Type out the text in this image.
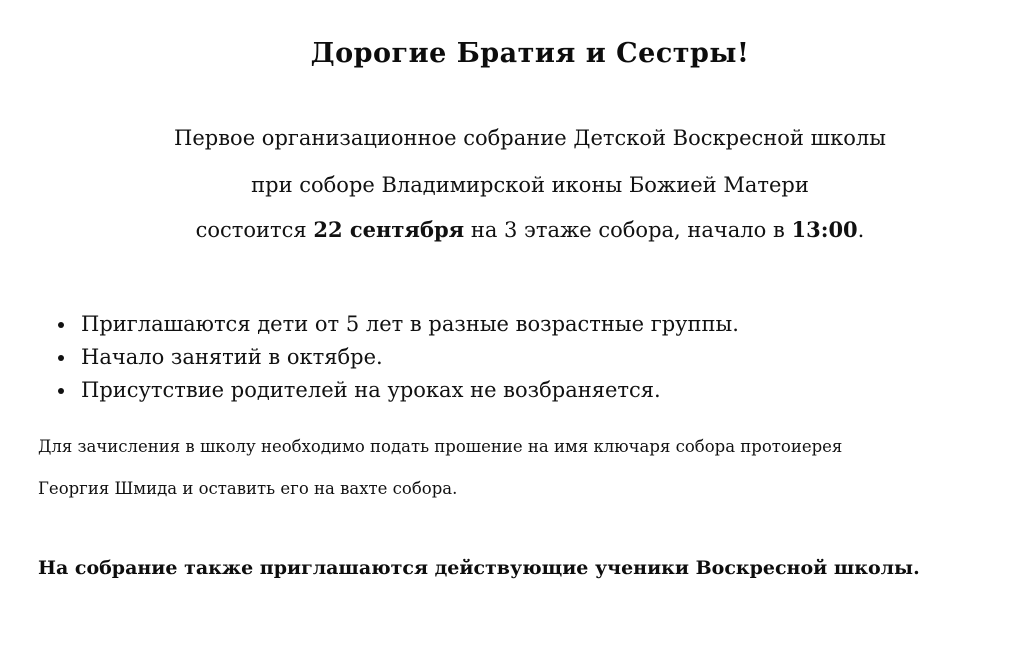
Дорогие Братия и Сестры!
Первое организационное собрание Детской Воскресной школы
при соборе Владимирской иконы Божией Матери
состоится 22 сентября на 3 этаже собора, начало в 13:00.
Приглашаются дети от 5 лет в разные возрастные группы.
Начало занятий в октябре.
Присутствие родителей на уроках не возбраняется.
Для зачисления в школу необходимо подать прошение на имя ключаря собора протоиерея
Георгия Шмида и оставить его на вахте собора.
На собрание также приглашаются действующие ученики Воскресной школы.
